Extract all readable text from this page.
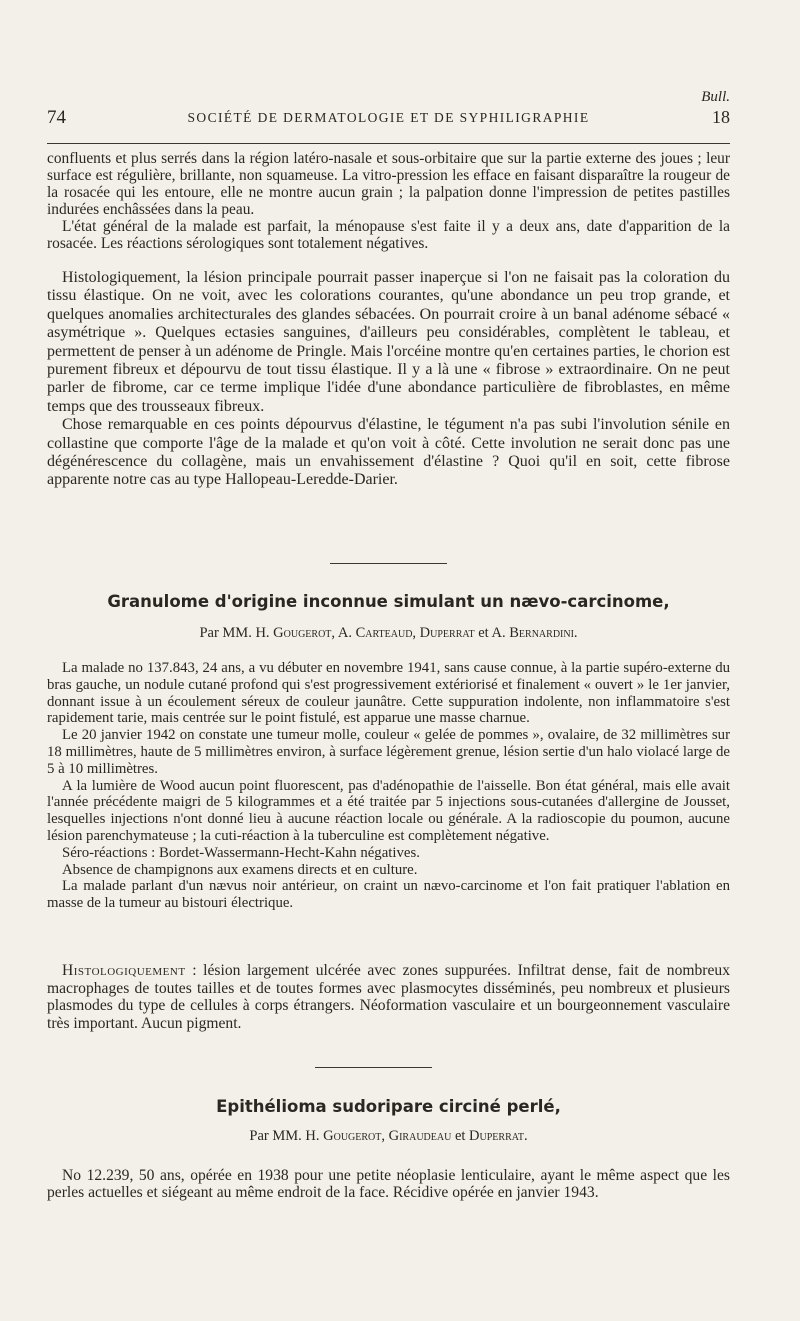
Bull.
74	SOCIÉTÉ DE DERMATOLOGIE ET DE SYPHILIGRAPHIE	18

confluents et plus serrés dans la région latéro-nasale et sous-orbitaire que sur la partie externe des joues ; leur surface est régulière, brillante, non squameuse. La vitro-pression les efface en faisant disparaître la rougeur de la rosacée qui les entoure, elle ne montre aucun grain ; la palpation donne l'impression de petites pastilles indurées enchâssées dans la peau.

L'état général de la malade est parfait, la ménopause s'est faite il y a deux ans, date d'apparition de la rosacée. Les réactions sérologiques sont totalement négatives.

Histologiquement, la lésion principale pourrait passer inaperçue si l'on ne faisait pas la coloration du tissu élastique. On ne voit, avec les colorations courantes, qu'une abondance un peu trop grande, et quelques anomalies architecturales des glandes sébacées. On pourrait croire à un banal adénome sébacé « asymétrique ». Quelques ectasies sanguines, d'ailleurs peu considérables, complètent le tableau, et permettent de penser à un adénome de Pringle. Mais l'orcéine montre qu'en certaines parties, le chorion est purement fibreux et dépourvu de tout tissu élastique. Il y a là une « fibrose » extraordinaire. On ne peut parler de fibrome, car ce terme implique l'idée d'une abondance particulière de fibroblastes, en même temps que des trousseaux fibreux.

Chose remarquable en ces points dépourvus d'élastine, le tégument n'a pas subi l'involution sénile en collastine que comporte l'âge de la malade et qu'on voit à côté. Cette involution ne serait donc pas une dégénérescence du collagène, mais un envahissement d'élastine ? Quoi qu'il en soit, cette fibrose apparente notre cas au type Hallopeau-Leredde-Darier.

Granulome d'origine inconnue simulant un nævo-carcinome,
Par MM. H. Gougerot, A. Carteaud, Duperrat et A. Bernardini.

La malade no 137.843, 24 ans, a vu débuter en novembre 1941, sans cause connue, à la partie supéro-externe du bras gauche, un nodule cutané profond qui s'est progressivement extériorisé et finalement « ouvert » le 1er janvier, donnant issue à un écoulement séreux de couleur jaunâtre. Cette suppuration indolente, non inflammatoire s'est rapidement tarie, mais centrée sur le point fistulé, est apparue une masse charnue.

Le 20 janvier 1942 on constate une tumeur molle, couleur « gelée de pommes », ovalaire, de 32 millimètres sur 18 millimètres, haute de 5 millimètres environ, à surface légèrement grenue, lésion sertie d'un halo violacé large de 5 à 10 millimètres.

A la lumière de Wood aucun point fluorescent, pas d'adénopathie de l'aisselle. Bon état général, mais elle avait l'année précédente maigri de 5 kilogrammes et a été traitée par 5 injections sous-cutanées d'allergine de Jousset, lesquelles injections n'ont donné lieu à aucune réaction locale ou générale. A la radioscopie du poumon, aucune lésion parenchymateuse ; la cuti-réaction à la tuberculine est complètement négative.

Séro-réactions : Bordet-Wassermann-Hecht-Kahn négatives.

Absence de champignons aux examens directs et en culture.

La malade parlant d'un nævus noir antérieur, on craint un nævo-carcinome et l'on fait pratiquer l'ablation en masse de la tumeur au bistouri électrique.

Histologiquement : lésion largement ulcérée avec zones suppurées. Infiltrat dense, fait de nombreux macrophages de toutes tailles et de toutes formes avec plasmocytes disséminés, peu nombreux et plusieurs plasmodes du type de cellules à corps étrangers. Néoformation vasculaire et un bourgeonnement vasculaire très important. Aucun pigment.

Epithélioma sudoripare circiné perlé,
Par MM. H. Gougerot, Giraudeau et Duperrat.

No 12.239, 50 ans, opérée en 1938 pour une petite néoplasie lenticulaire, ayant le même aspect que les perles actuelles et siégeant au même endroit de la face. Récidive opérée en janvier 1943.
